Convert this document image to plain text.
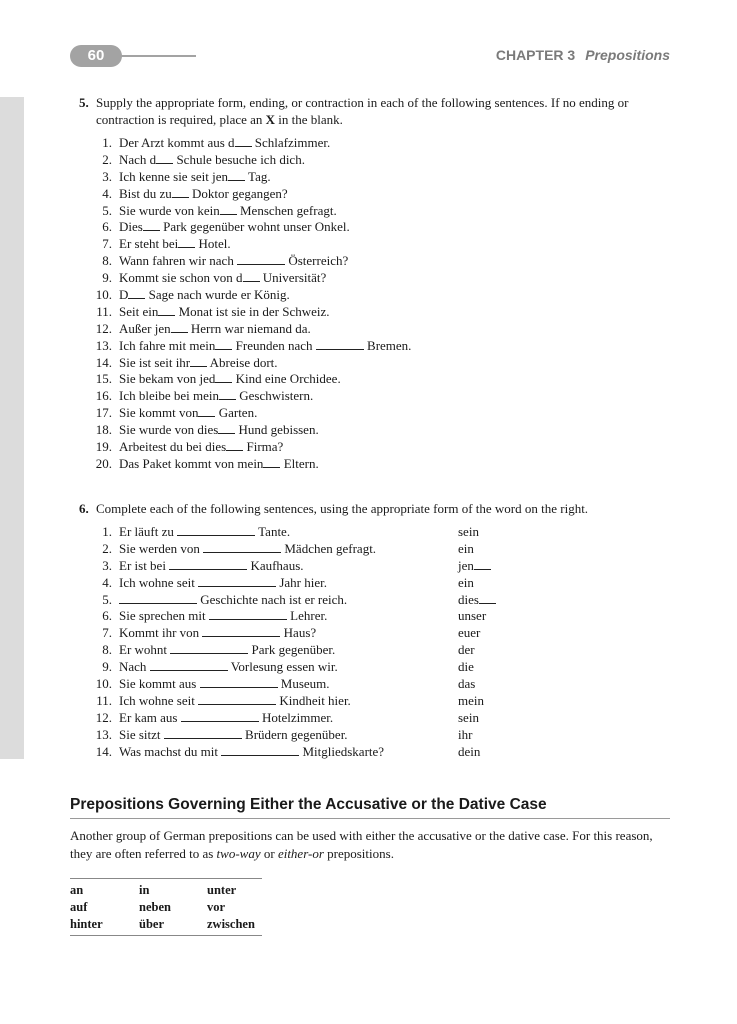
60	CHAPTER 3 Prepositions
5. Supply the appropriate form, ending, or contraction in each of the following sentences. If no ending or contraction is required, place an X in the blank.
1. Der Arzt kommt aus d Schlafzimmer.
2. Nach d Schule besuche ich dich.
3. Ich kenne sie seit jen Tag.
4. Bist du zu Doktor gegangen?
5. Sie wurde von kein Menschen gefragt.
6. Dies Park gegenüber wohnt unser Onkel.
7. Er steht bei Hotel.
8. Wann fahren wir nach	Österreich?
9. Kommt sie schon von d Universität?
10. D Sage nach wurde er König.
11. Seit ein Monat ist sie in der Schweiz.
12. Außer jen Herrn war niemand da.
13. Ich fahre mit mein Freunden nach	Bremen.
14. Sie ist seit ihr Abreise dort.
15. Sie bekam von jed Kind eine Orchidee.
16. Ich bleibe bei mein Geschwistern.
17. Sie kommt von Garten.
18. Sie wurde von dies Hund gebissen.
19. Arbeitest du bei dies Firma?
20. Das Paket kommt von mein Eltern.
6. Complete each of the following sentences, using the appropriate form of the word on the right.
1. Er läuft zu	Tante.	sein
2. Sie werden von	Mädchen gefragt.	ein
3. Er ist bei	Kaufhaus.	jen
4. Ich wohne seit	Jahr hier.	ein
5.	Geschichte nach ist er reich.	dies
6. Sie sprechen mit	Lehrer.	unser
7. Kommt ihr von	Haus?	euer
8. Er wohnt	Park gegenüber.	der
9. Nach	Vorlesung essen wir.	die
10. Sie kommt aus	Museum.	das
11. Ich wohne seit	Kindheit hier.	mein
12. Er kam aus	Hotelzimmer.	sein
13. Sie sitzt	Brüdern gegenüber.	ihr
14. Was machst du mit	Mitgliedskarte?	dein
Prepositions Governing Either the Accusative or the Dative Case
Another group of German prepositions can be used with either the accusative or the dative case. For this reason, they are often referred to as two-way or either-or prepositions.
an	in	unter
auf	neben	vor
hinter	über	zwischen
